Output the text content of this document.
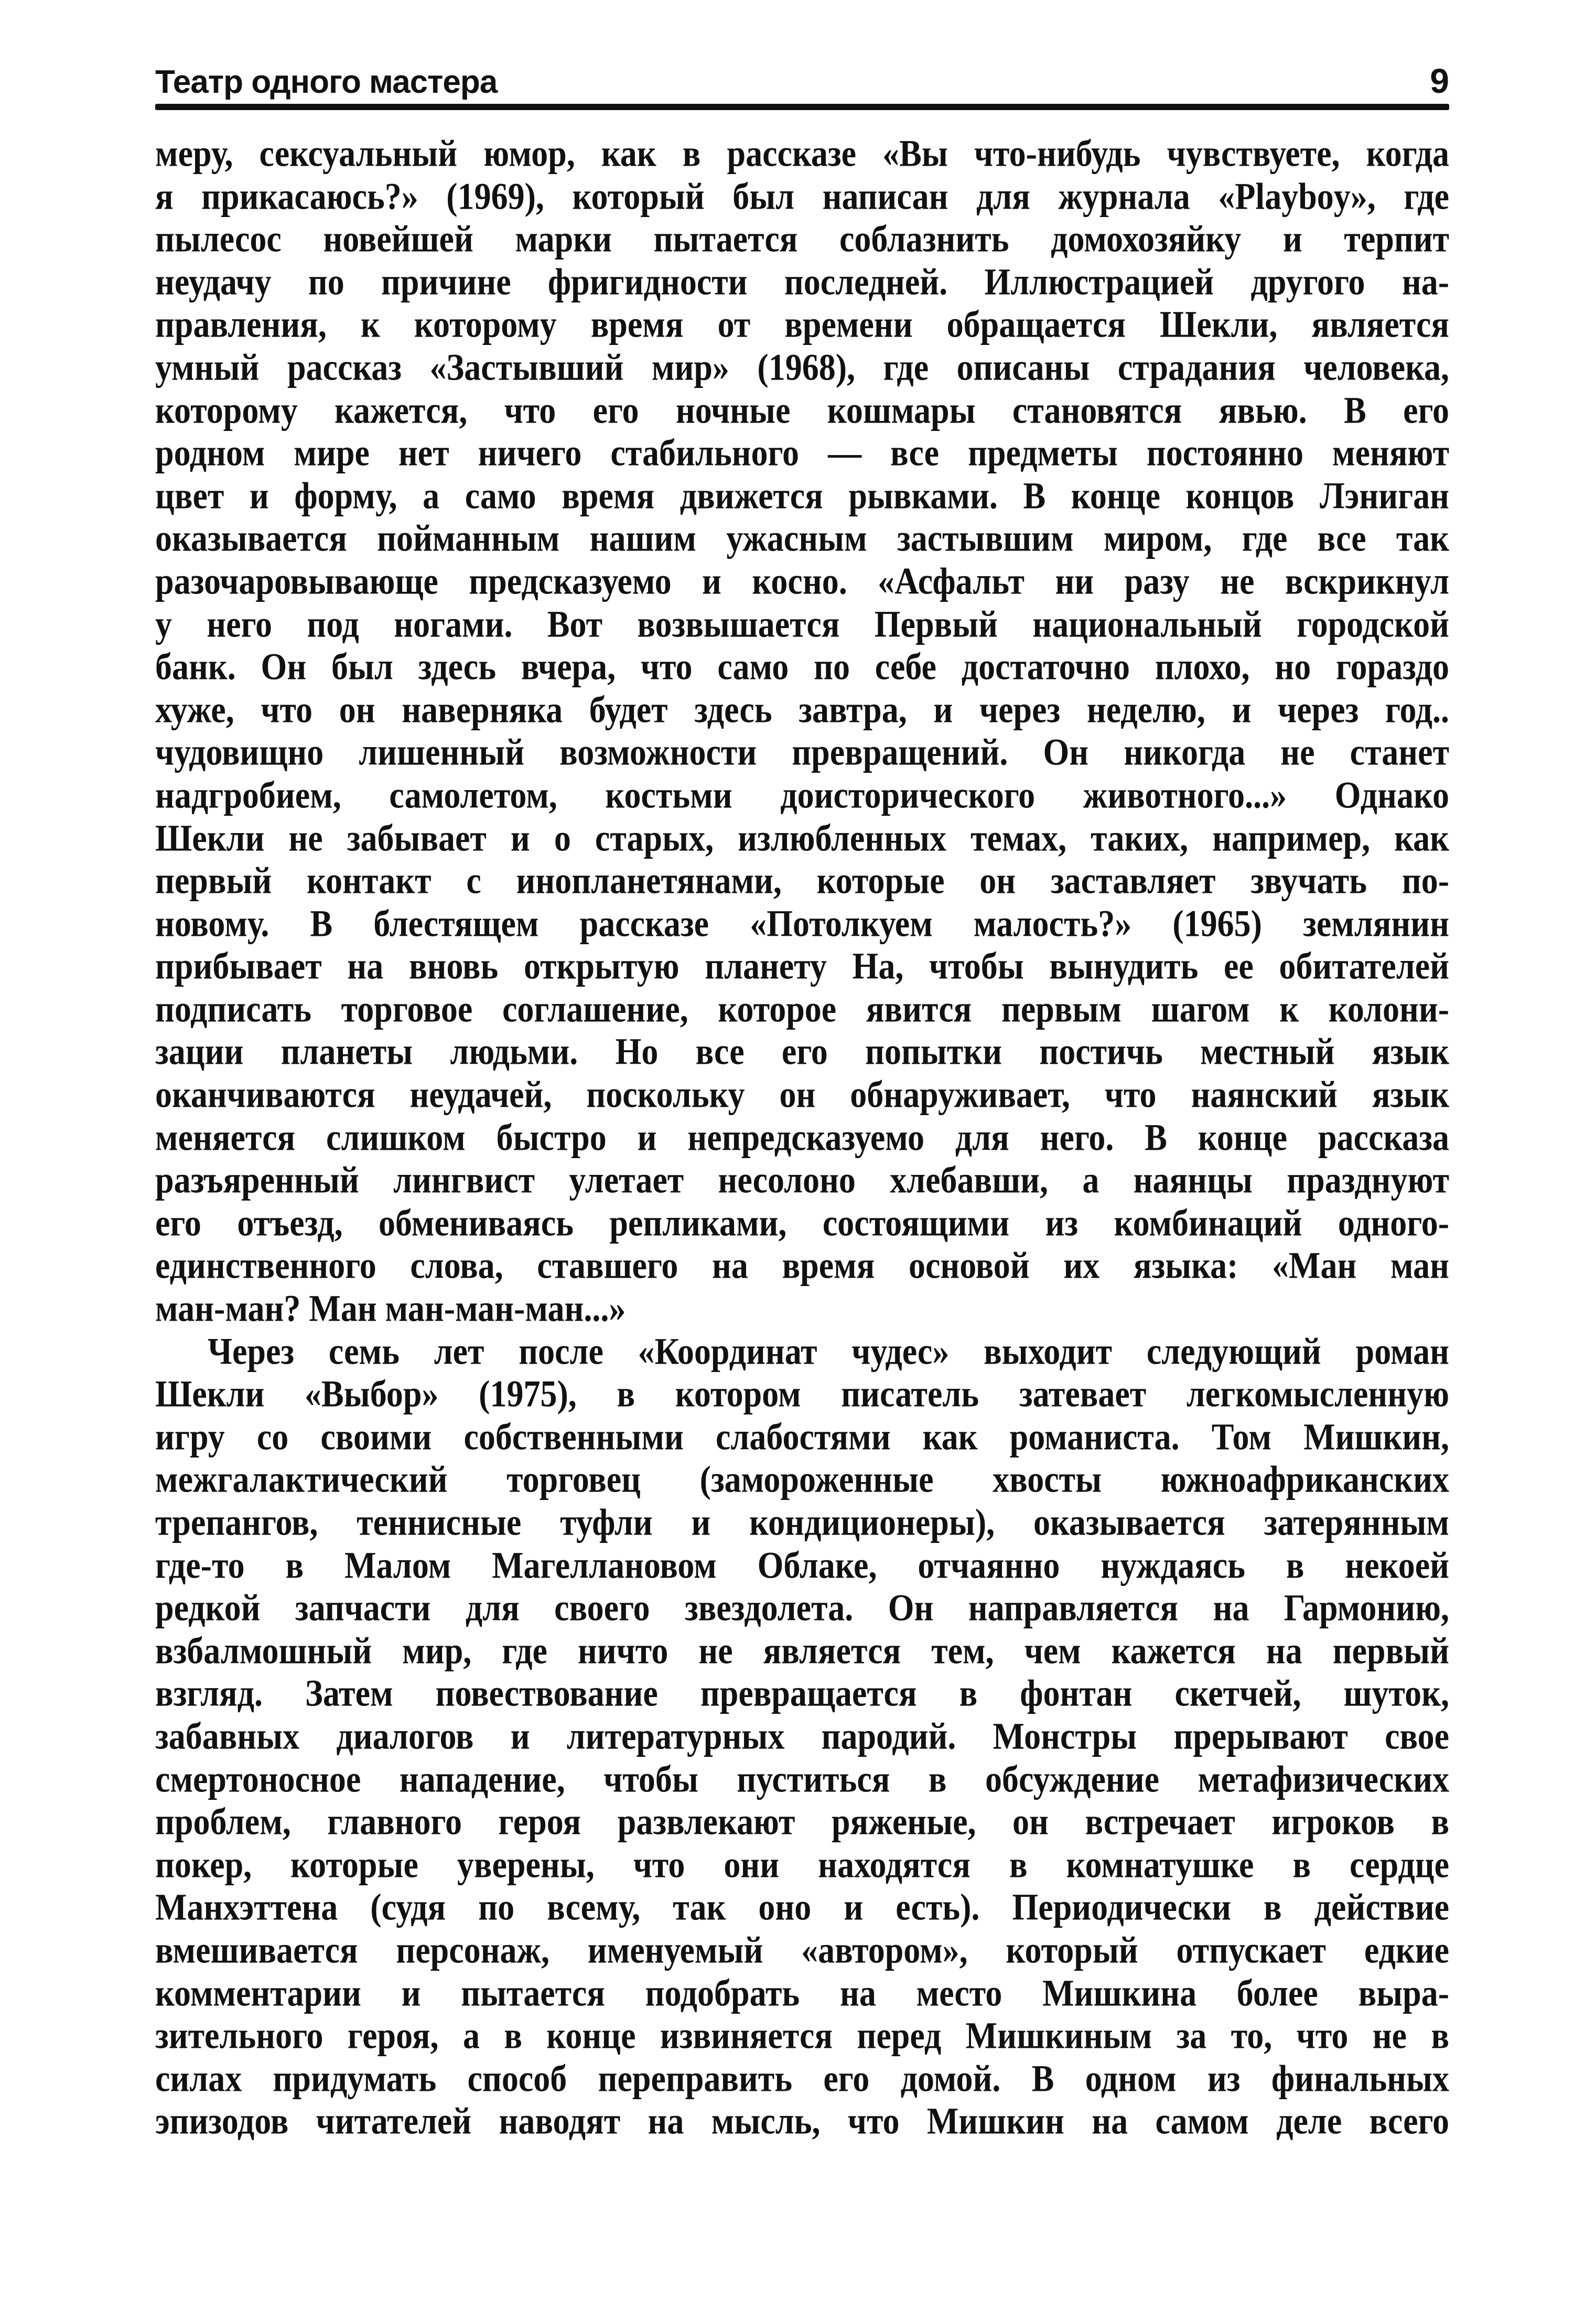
Театр одного мастера	9
меру, сексуальный юмор, как в рассказе «Вы что-нибудь чувствуете, когда
я прикасаюсь?» (1969), который был написан для журнала «Playboy», где
пылесос новейшей марки пытается соблазнить домохозяйку и терпит
неудачу по причине фригидности последней. Иллюстрацией другого на-
правления, к которому время от времени обращается Шекли, является
умный рассказ «Застывший мир» (1968), где описаны страдания человека,
которому кажется, что его ночные кошмары становятся явью. В его
родном мире нет ничего стабильного — все предметы постоянно меняют
цвет и форму, а само время движется рывками. В конце концов Лэниган
оказывается пойманным нашим ужасным застывшим миром, где все так
разочаровывающе предсказуемо и косно. «Асфальт ни разу не вскрикнул
у него под ногами. Вот возвышается Первый национальный городской
банк. Он был здесь вчера, что само по себе достаточно плохо, но гораздо
хуже, что он наверняка будет здесь завтра, и через неделю, и через год..
чудовищно лишенный возможности превращений. Он никогда не станет
надгробием, самолетом, костьми доисторического животного...» Однако
Шекли не забывает и о старых, излюбленных темах, таких, например, как
первый контакт с инопланетянами, которые он заставляет звучать по-
новому. В блестящем рассказе «Потолкуем малость?» (1965) землянин
прибывает на вновь открытую планету На, чтобы вынудить ее обитателей
подписать торговое соглашение, которое явится первым шагом к колони-
зации планеты людьми. Но все его попытки постичь местный язык
оканчиваются неудачей, поскольку он обнаруживает, что наянский язык
меняется слишком быстро и непредсказуемо для него. В конце рассказа
разъяренный лингвист улетает несолоно хлебавши, а наянцы празднуют
его отъезд, обмениваясь репликами, состоящими из комбинаций одного-
единственного слова, ставшего на время основой их языка: «Ман ман
ман-ман? Ман ман-ман-ман...»
Через семь лет после «Координат чудес» выходит следующий роман
Шекли «Выбор» (1975), в котором писатель затевает легкомысленную
игру со своими собственными слабостями как романиста. Том Мишкин,
межгалактический торговец (замороженные хвосты южноафриканских
трепангов, теннисные туфли и кондиционеры), оказывается затерянным
где-то в Малом Магеллановом Облаке, отчаянно нуждаясь в некоей
редкой запчасти для своего звездолета. Он направляется на Гармонию,
взбалмошный мир, где ничто не является тем, чем кажется на первый
взгляд. Затем повествование превращается в фонтан скетчей, шуток,
забавных диалогов и литературных пародий. Монстры прерывают свое
смертоносное нападение, чтобы пуститься в обсуждение метафизических
проблем, главного героя развлекают ряженые, он встречает игроков в
покер, которые уверены, что они находятся в комнатушке в сердце
Манхэттена (судя по всему, так оно и есть). Периодически в действие
вмешивается персонаж, именуемый «автором», который отпускает едкие
комментарии и пытается подобрать на место Мишкина более выра-
зительного героя, а в конце извиняется перед Мишкиным за то, что не в
силах придумать способ переправить его домой. В одном из финальных
эпизодов читателей наводят на мысль, что Мишкин на самом деле всего
